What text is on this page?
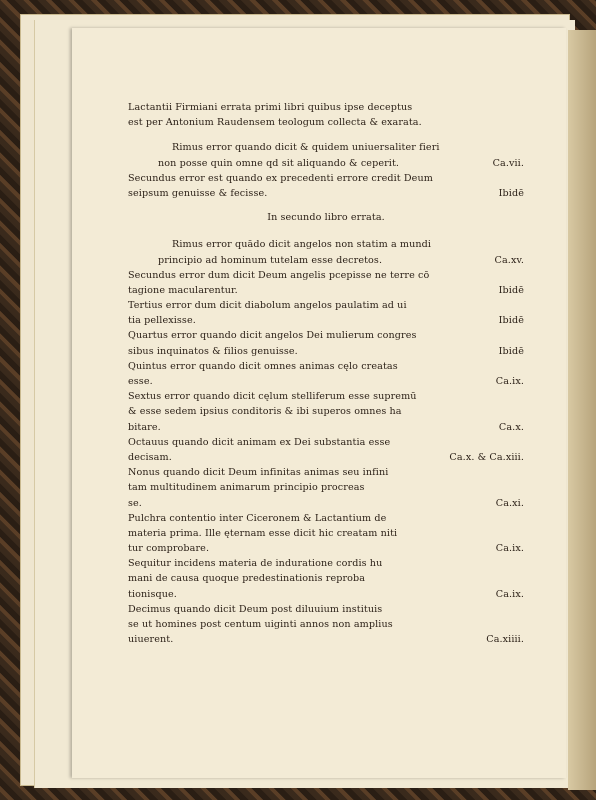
Lactantii Firmiani errata primi libri quibus ipse deceptus
est per Antonium Raudensem teologum collecta & exarata.
Rimus error quando dicit & quidem uniuersaliter fieri
non posse quin omne qd sit aliquando & ceperit.	Ca.vii.
Secundus error est quando ex precedenti errore credit Deum
seipsum genuisse & fecisse.	Ibidē
In secundo libro errata.
Rimus error quādo dicit angelos non statim a mundi
principio ad hominum tutelam esse decretos.	Ca.xv.
Secundus error dum dicit Deum angelis pcepisse ne terre cō
tagione macularentur.	Ibidē
Tertius error dum dicit diabolum angelos paulatim ad ui
tia pellexisse.	Ibidē
Quartus error quando dicit angelos Dei mulierum congres
sibus inquinatos & filios genuisse.	Ibidē
Quintus error quando dicit omnes animas cęlo creatas
esse.	Ca.ix.
Sextus error quando dicit cęlum stelliferum esse supremū
& esse sedem ipsius conditoris & ibi superos omnes ha
bitare.	Ca.x.
Octauus quando dicit animam ex Dei substantia esse
decisam.	Ca.x. & Ca.xiii.
Nonus quando dicit Deum infinitas animas seu infini
tam multitudinem animarum principio procreas
se.	Ca.xi.
Pulchra contentio inter Ciceronem & Lactantium de
materia prima. Ille ęternam esse dicit hic creatam niti
tur comprobare.	Ca.ix.
Sequitur incidens materia de induratione cordis hu
mani de causa quoque predestinationis reproba
tionisque.	Ca.ix.
Decimus quando dicit Deum post diluuium instituis
se ut homines post centum uiginti annos non amplius
uiuerent.	Ca.xiiii.
